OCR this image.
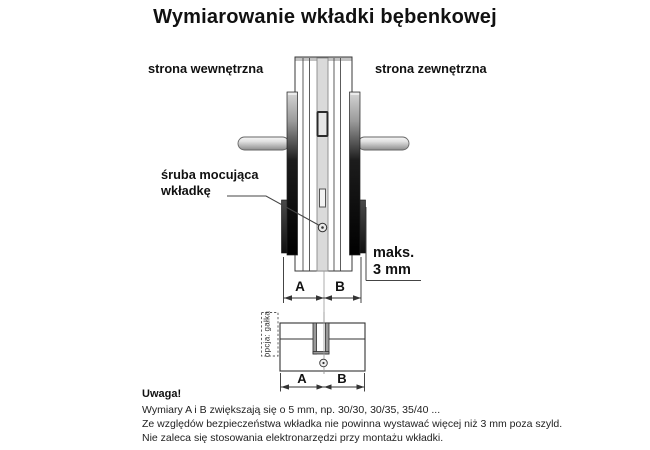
Wymiarowanie wkładki bębenkowej
strona wewnętrzna	strona zewnętrzna
śruba mocująca
wkładkę
maks.
3 mm
A	B
A	B
opcja: gałka
Uwaga!
Wymiary A i B zwiększają się o 5 mm, np. 30/30, 30/35, 35/40 ...
Ze względów bezpieczeństwa wkładka nie powinna wystawać więcej niż 3 mm poza szyld.
Nie zaleca się stosowania elektronarzędzi przy montażu wkładki.
